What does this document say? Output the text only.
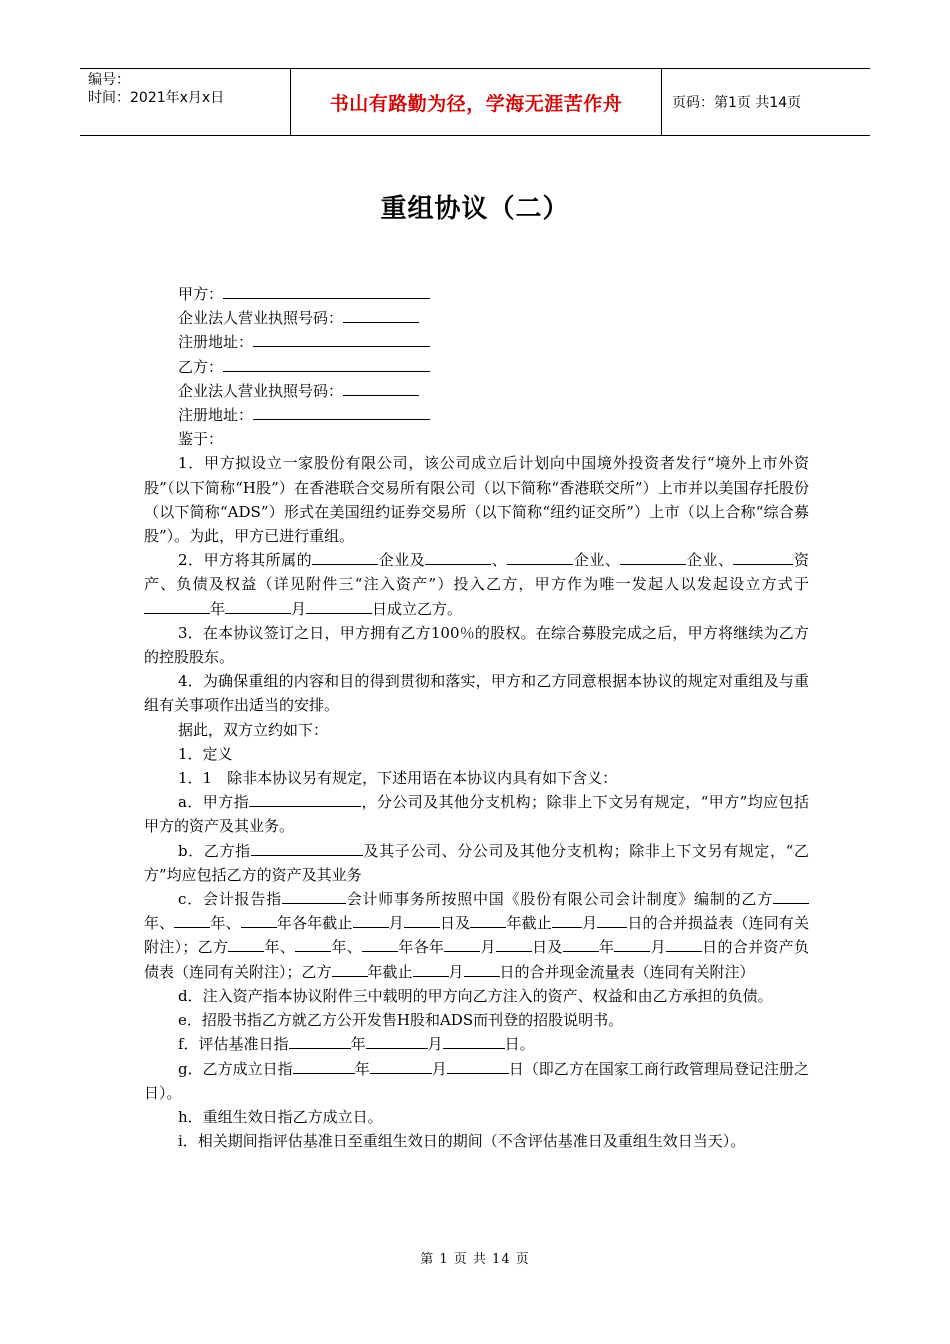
编号：
时间：2021年x月x日	书山有路勤为径，学海无涯苦作舟	页码：第1页 共14页
重组协议（二）

甲方：

企业法人营业执照号码：

注册地址：

乙方：

企业法人营业执照号码：

注册地址：

鉴于：

1．甲方拟设立一家股份有限公司，该公司成立后计划向中国境外投资者发行“境外上市外资股”（以下简称“H股”）在香港联合交易所有限公司（以下简称“香港联交所”）上市并以美国存托股份（以下简称“ADS”）形式在美国纽约证券交易所（以下简称“纽约证交所”）上市（以上合称“综合募股”）。为此，甲方已进行重组。

2．甲方将其所属的	企业及	、	企业、	企业、	资产、负债及权益（详见附件三“注入资产”）投入乙方，甲方作为唯一发起人以发起设立方式于年	月	日成立乙方。

3．在本协议签订之日，甲方拥有乙方100％的股权。在综合募股完成之后，甲方将继续为乙方的控股股东。

4．为确保重组的内容和目的得到贯彻和落实，甲方和乙方同意根据本协议的规定对重组及与重组有关事项作出适当的安排。

据此，双方立约如下：

1．定义

1．1　除非本协议另有规定，下述用语在本协议内具有如下含义：

a．甲方指	，分公司及其他分支机构；除非上下文另有规定，“甲方”均应包括甲方的资产及其业务。

b．乙方指	及其子公司、分公司及其他分支机构；除非上下文另有规定，“乙方”均应包括乙方的资产及其业务

c．会计报告指	会计师事务所按照中国《股份有限公司会计制度》编制的乙方年、 年、 年各年截止 月 日及 年截止 月 日的合并损益表（连同有关附注）；乙方 年、 年、 年各年 月 日及 年 月 日的合并资产负债表（连同有关附注）；乙方 年截止 月 日的合并现金流量表（连同有关附注）

d．注入资产指本协议附件三中载明的甲方向乙方注入的资产、权益和由乙方承担的负债。

e．招股书指乙方就乙方公开发售H股和ADS而刊登的招股说明书。

f．评估基准日指	年	月	日。

g．乙方成立日指	年	月	日（即乙方在国家工商行政管理局登记注册之日）。

h．重组生效日指乙方成立日。

i．相关期间指评估基准日至重组生效日的期间（不含评估基准日及重组生效日当天）。

第 1 页 共 14 页
